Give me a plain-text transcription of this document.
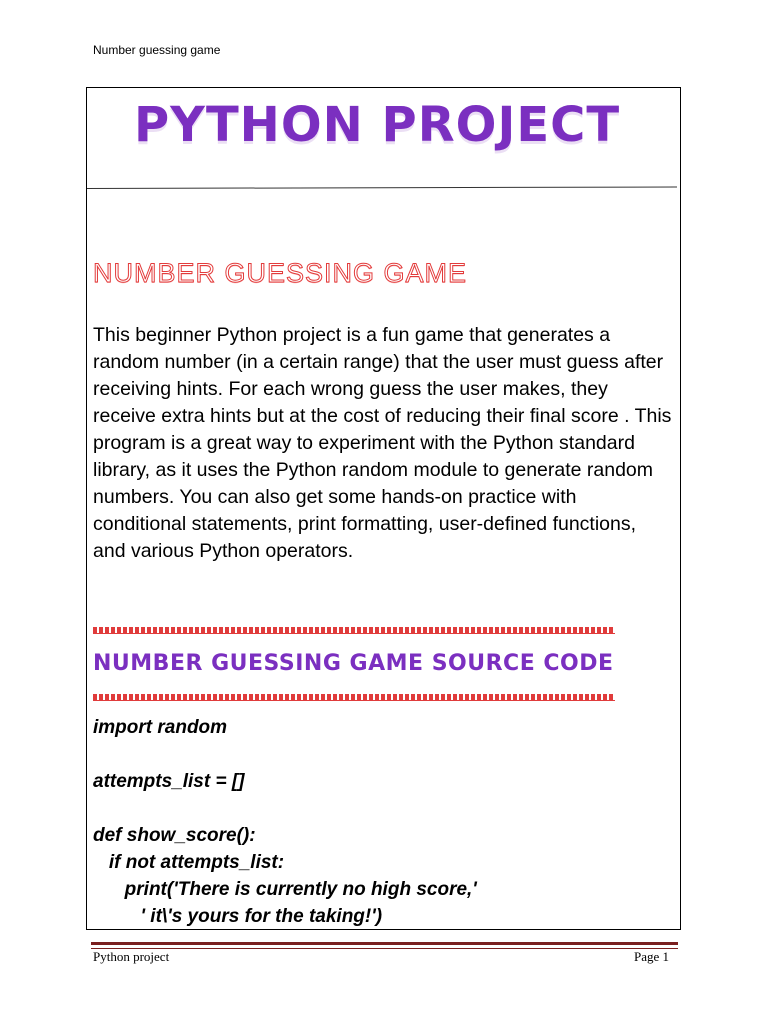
Number guessing game
PYTHON PROJECT
NUMBER GUESSING GAME
This beginner Python project is a fun game that generates a random number (in a certain range) that the user must guess after receiving hints. For each wrong guess the user makes, they receive extra hints but at the cost of reducing their final score . This program is a great way to experiment with the Python standard library, as it uses the Python random module to generate random numbers. You can also get some hands-on practice with conditional statements, print formatting, user-defined functions, and various Python operators.
NUMBER GUESSING GAME SOURCE CODE
import random
attempts_list = []
def show_score():
if not attempts_list:
print('There is currently no high score,'
' it\'s yours for the taking!')
Python project	Page 1
